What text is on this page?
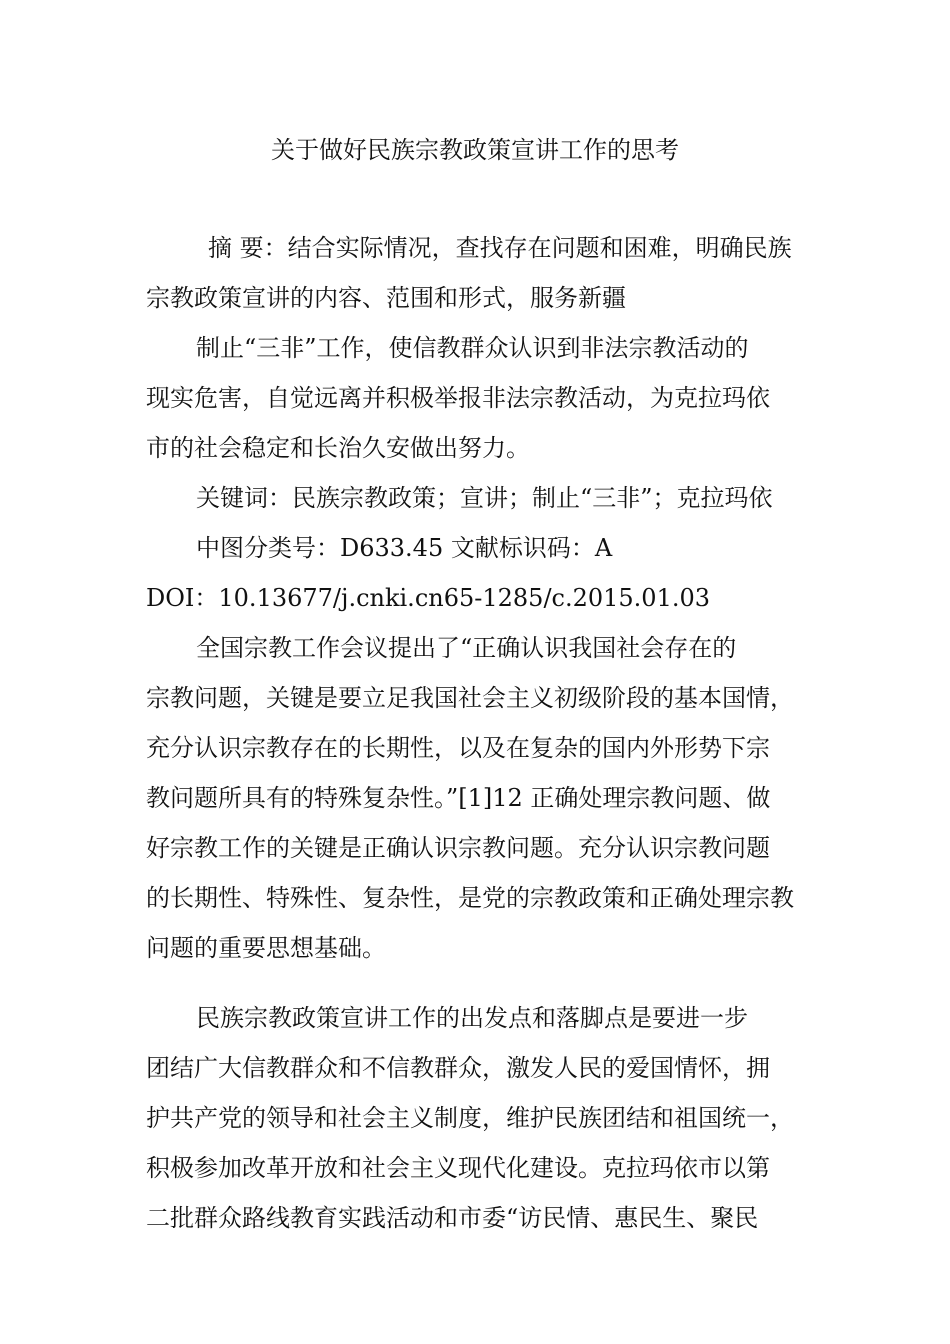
关于做好民族宗教政策宣讲工作的思考
摘 要：结合实际情况，查找存在问题和困难，明确民族
宗教政策宣讲的内容、范围和形式，服务新疆
制止“三非”工作，使信教群众认识到非法宗教活动的
现实危害，自觉远离并积极举报非法宗教活动，为克拉玛依
市的社会稳定和长治久安做出努力。
关键词：民族宗教政策；宣讲；制止“三非”；克拉玛依
中图分类号：D633.45 文献标识码：A
DOI：10.13677/j.cnki.cn65-1285/c.2015.01.03
全国宗教工作会议提出了“正确认识我国社会存在的
宗教问题，关键是要立足我国社会主义初级阶段的基本国情，
充分认识宗教存在的长期性，以及在复杂的国内外形势下宗
教问题所具有的特殊复杂性。”[1]12 正确处理宗教问题、做
好宗教工作的关键是正确认识宗教问题。充分认识宗教问题
的长期性、特殊性、复杂性，是党的宗教政策和正确处理宗教
问题的重要思想基础。
民族宗教政策宣讲工作的出发点和落脚点是要进一步
团结广大信教群众和不信教群众，激发人民的爱国情怀，拥
护共产党的领导和社会主义制度，维护民族团结和祖国统一，
积极参加改革开放和社会主义现代化建设。克拉玛依市以第
二批群众路线教育实践活动和市委“访民情、惠民生、聚民
